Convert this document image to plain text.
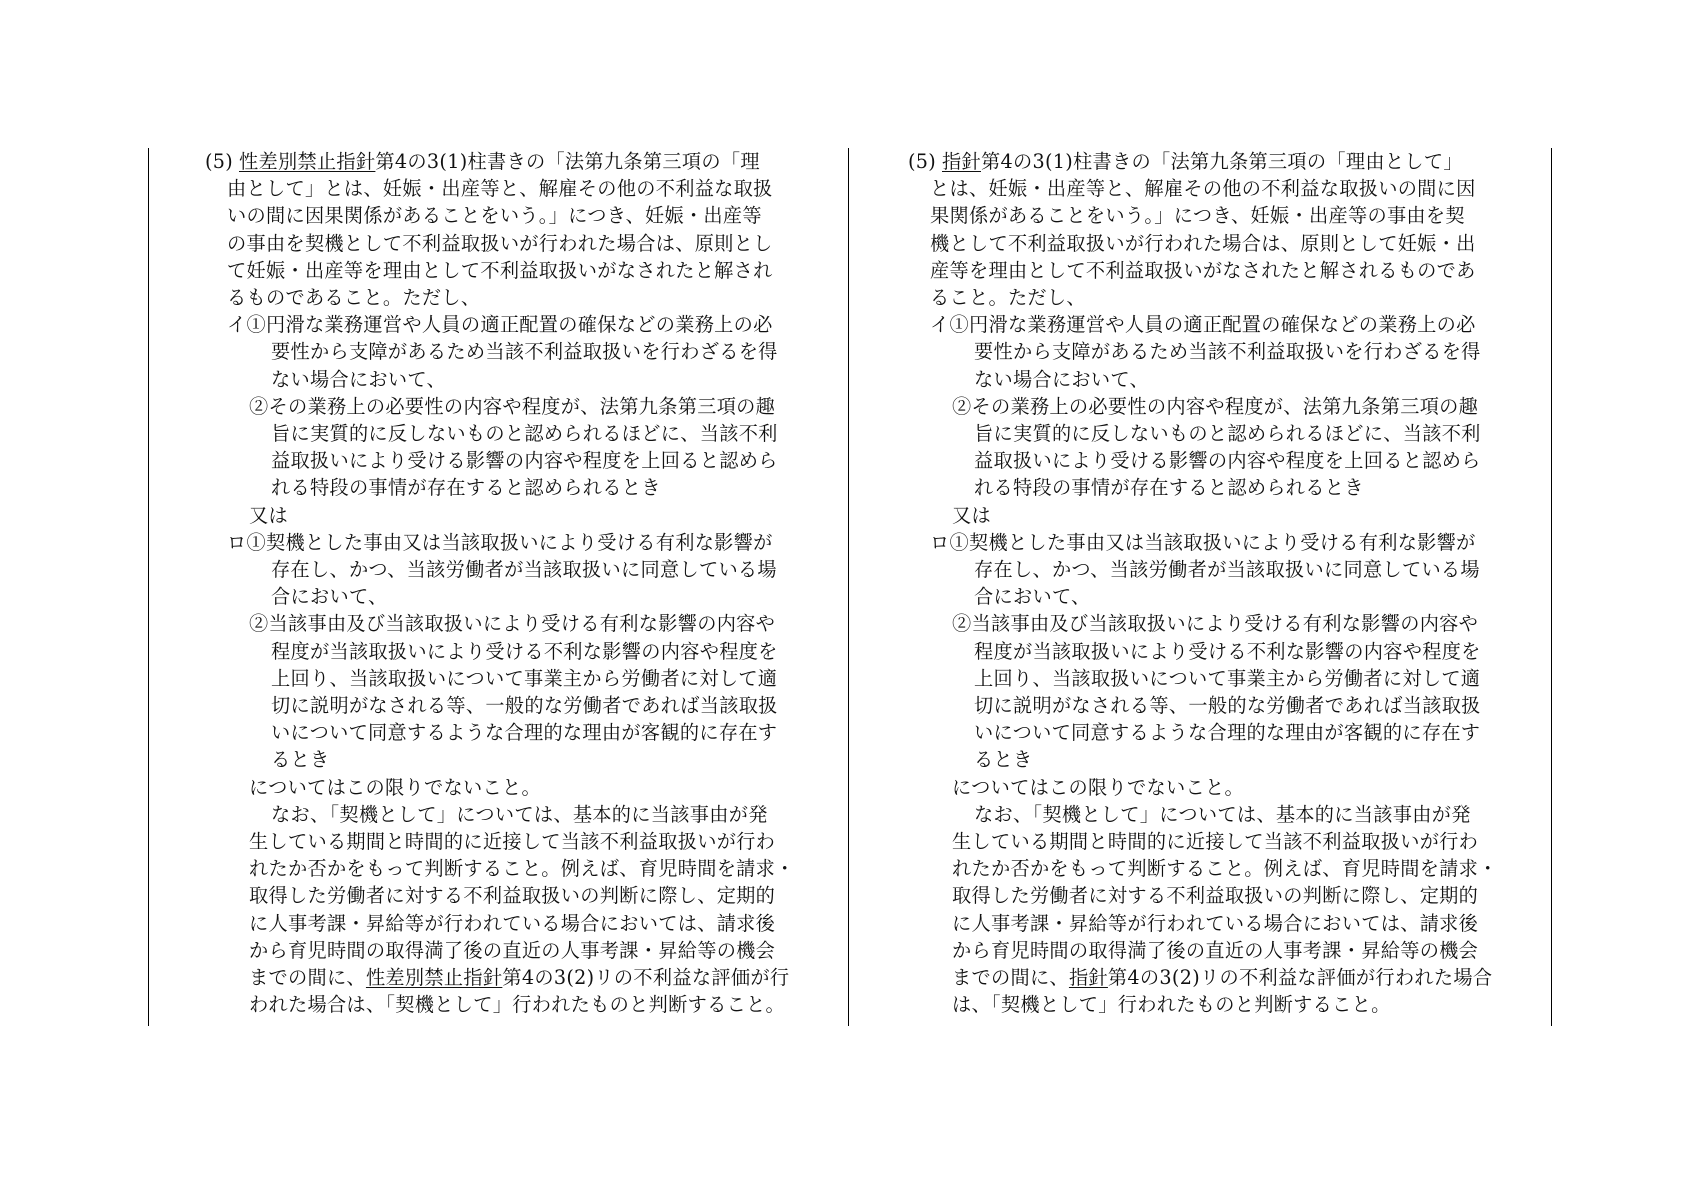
(5) 性差別禁止指針第4の3(1)柱書きの「法第九条第三項の「理

由として」とは、妊娠・出産等と、解雇その他の不利益な取扱

いの間に因果関係があることをいう。」につき、妊娠・出産等

の事由を契機として不利益取扱いが行われた場合は、原則とし

て妊娠・出産等を理由として不利益取扱いがなされたと解され

るものであること。ただし、

イ①円滑な業務運営や人員の適正配置の確保などの業務上の必

要性から支障があるため当該不利益取扱いを行わざるを得

ない場合において、

②その業務上の必要性の内容や程度が、法第九条第三項の趣

旨に実質的に反しないものと認められるほどに、当該不利

益取扱いにより受ける影響の内容や程度を上回ると認めら

れる特段の事情が存在すると認められるとき

又は

ロ①契機とした事由又は当該取扱いにより受ける有利な影響が

存在し、かつ、当該労働者が当該取扱いに同意している場

合において、

②当該事由及び当該取扱いにより受ける有利な影響の内容や

程度が当該取扱いにより受ける不利な影響の内容や程度を

上回り、当該取扱いについて事業主から労働者に対して適

切に説明がなされる等、一般的な労働者であれば当該取扱

いについて同意するような合理的な理由が客観的に存在す

るとき

についてはこの限りでないこと。

なお、「契機として」については、基本的に当該事由が発

生している期間と時間的に近接して当該不利益取扱いが行わ

れたか否かをもって判断すること。例えば、育児時間を請求・

取得した労働者に対する不利益取扱いの判断に際し、定期的

に人事考課・昇給等が行われている場合においては、請求後

から育児時間の取得満了後の直近の人事考課・昇給等の機会

までの間に、性差別禁止指針第4の3(2)リの不利益な評価が行

われた場合は、「契機として」行われたものと判断すること。

(5) 指針第4の3(1)柱書きの「法第九条第三項の「理由として」

とは、妊娠・出産等と、解雇その他の不利益な取扱いの間に因

果関係があることをいう。」につき、妊娠・出産等の事由を契

機として不利益取扱いが行われた場合は、原則として妊娠・出

産等を理由として不利益取扱いがなされたと解されるものであ

ること。ただし、

イ①円滑な業務運営や人員の適正配置の確保などの業務上の必

要性から支障があるため当該不利益取扱いを行わざるを得

ない場合において、

②その業務上の必要性の内容や程度が、法第九条第三項の趣

旨に実質的に反しないものと認められるほどに、当該不利

益取扱いにより受ける影響の内容や程度を上回ると認めら

れる特段の事情が存在すると認められるとき

又は

ロ①契機とした事由又は当該取扱いにより受ける有利な影響が

存在し、かつ、当該労働者が当該取扱いに同意している場

合において、

②当該事由及び当該取扱いにより受ける有利な影響の内容や

程度が当該取扱いにより受ける不利な影響の内容や程度を

上回り、当該取扱いについて事業主から労働者に対して適

切に説明がなされる等、一般的な労働者であれば当該取扱

いについて同意するような合理的な理由が客観的に存在す

るとき

についてはこの限りでないこと。

なお、「契機として」については、基本的に当該事由が発

生している期間と時間的に近接して当該不利益取扱いが行わ

れたか否かをもって判断すること。例えば、育児時間を請求・

取得した労働者に対する不利益取扱いの判断に際し、定期的

に人事考課・昇給等が行われている場合においては、請求後

から育児時間の取得満了後の直近の人事考課・昇給等の機会

までの間に、指針第4の3(2)リの不利益な評価が行われた場合

は、「契機として」行われたものと判断すること。
